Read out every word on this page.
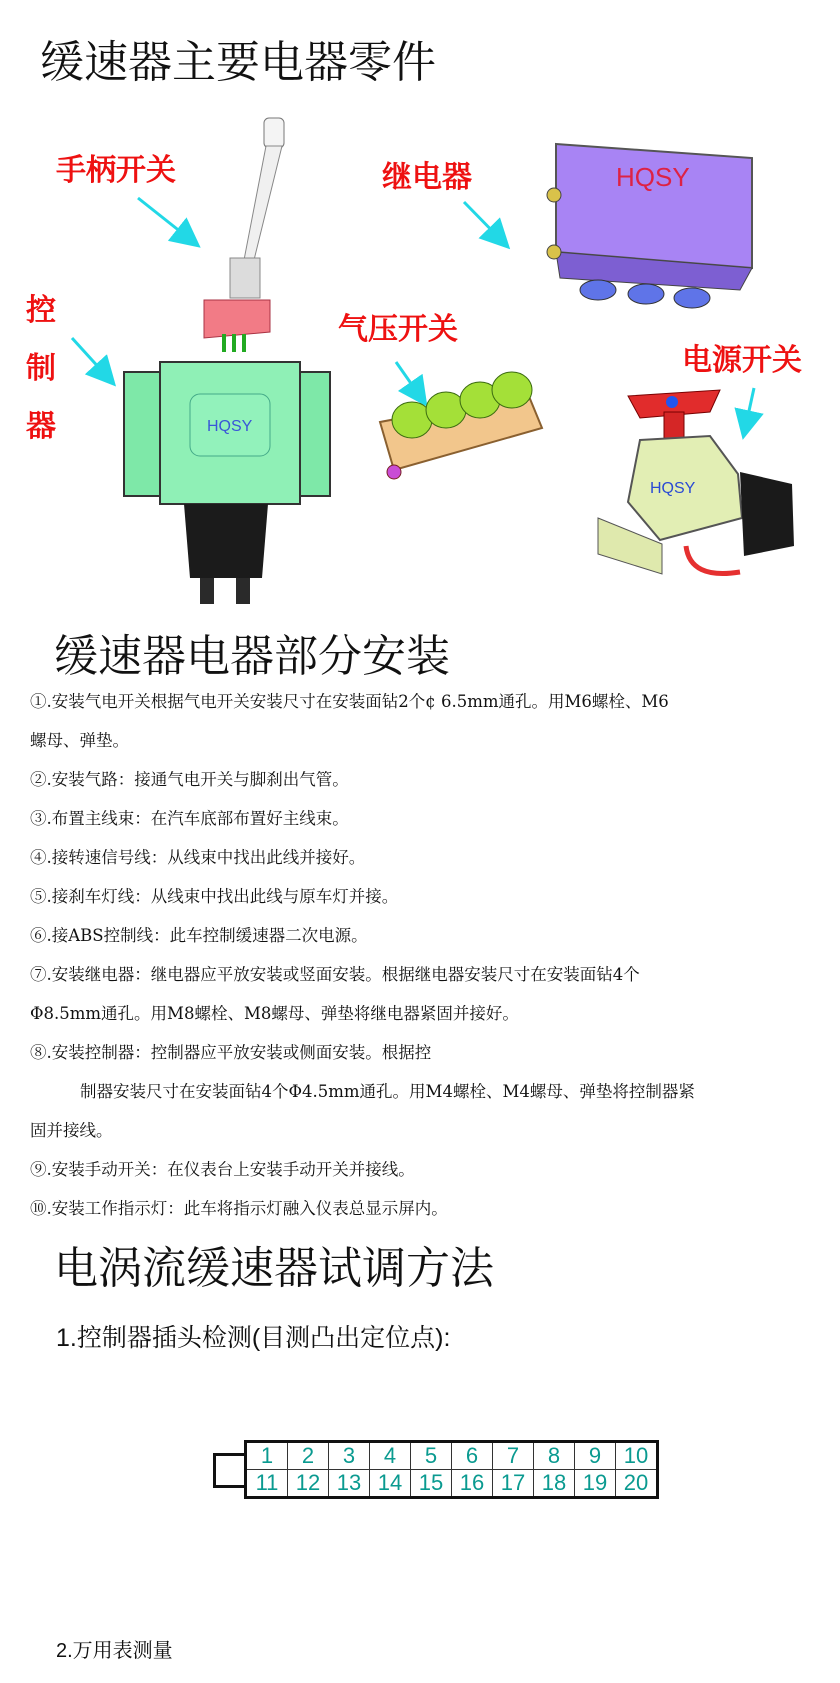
缓速器主要电器零件
手柄开关	继电器
控
制
器
气压开关
电源开关
HQSY
HQSY
HQSY
缓速器电器部分安装

①.安装气电开关根据气电开关安装尺寸在安装面钻2个¢ 6.5mm通孔。用M6螺栓、M6

螺母、弹垫。

②.安装气路：接通气电开关与脚刹出气管。

③.布置主线束：在汽车底部布置好主线束。

④.接转速信号线：从线束中找出此线并接好。

⑤.接刹车灯线：从线束中找出此线与原车灯并接。

⑥.接ABS控制线：此车控制缓速器二次电源。

⑦.安装继电器：继电器应平放安装或竖面安装。根据继电器安装尺寸在安装面钻4个

Φ8.5mm通孔。用M8螺栓、M8螺母、弹垫将继电器紧固并接好。

⑧.安装控制器：控制器应平放安装或侧面安装。根据控

制器安装尺寸在安装面钻4个Φ4.5mm通孔。用M4螺栓、M4螺母、弹垫将控制器紧

固并接线。

⑨.安装手动开关：在仪表台上安装手动开关并接线。

⑩.安装工作指示灯：此车将指示灯融入仪表总显示屏内。

电涡流缓速器试调方法
1.控制器插头检测(目测凸出定位点):
1	2	3	4	5	6	7	8	9	10
11	12	13	14	15	16	17	18	19	20
2.万用表测量
